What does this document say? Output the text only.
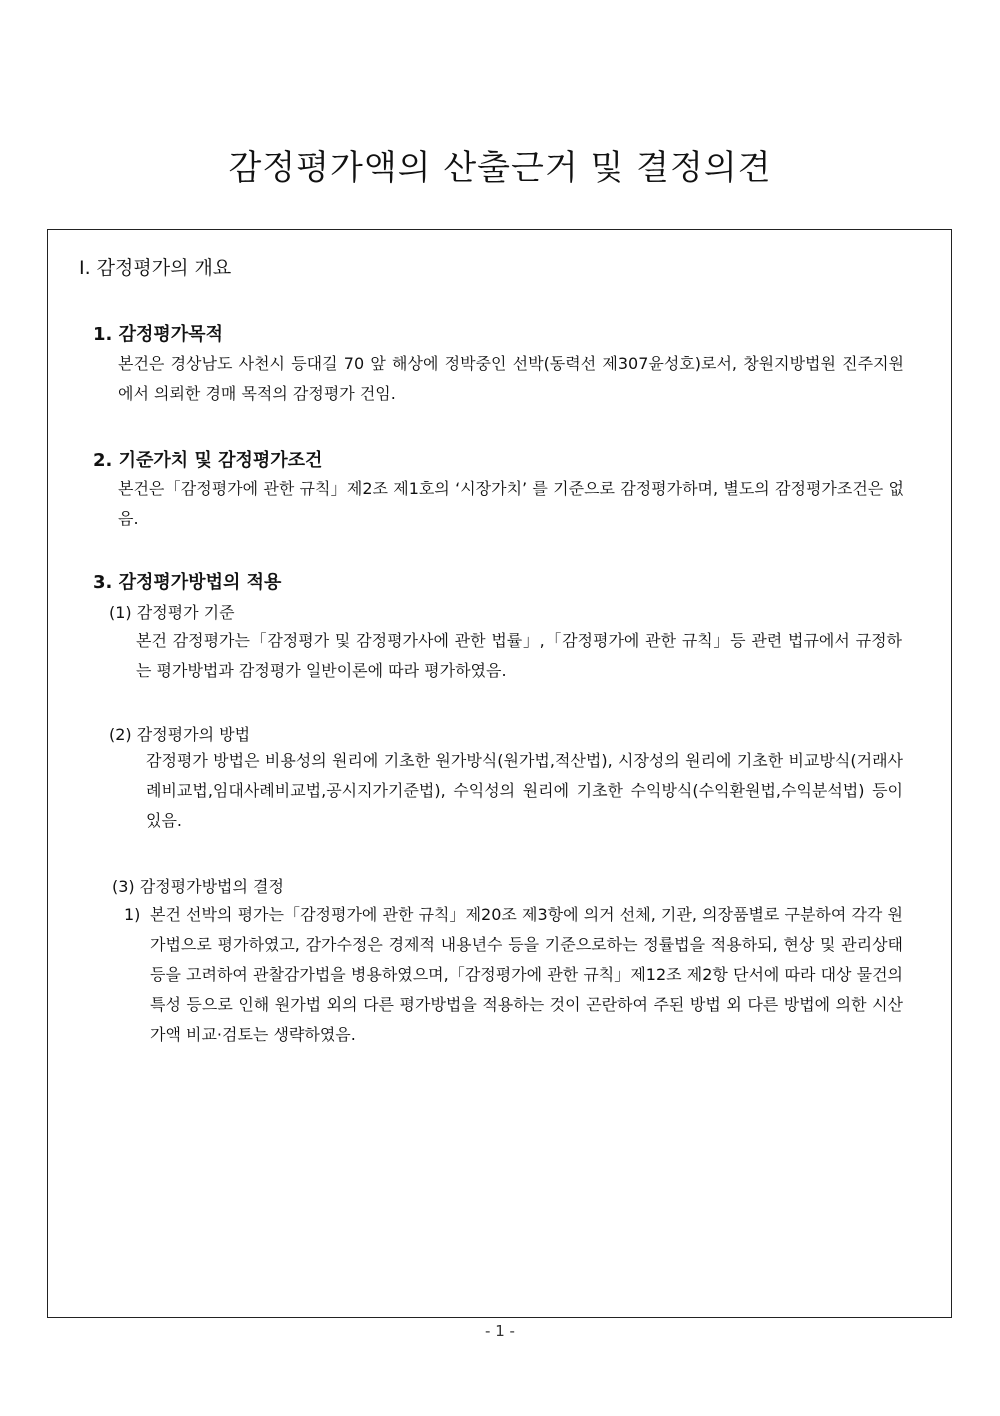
감정평가액의 산출근거 및 결정의견
Ⅰ. 감정평가의 개요
1. 감정평가목적

본건은 경상남도 사천시 등대길 70 앞 해상에 정박중인 선박(동력선 제307윤성호)로서, 창원지방법원 진주지원에서 의뢰한 경매 목적의 감정평가 건임.

2. 기준가치 및 감정평가조건

본건은「감정평가에 관한 규칙」제2조 제1호의 ‘시장가치’ 를 기준으로 감정평가하며, 별도의 감정평가조건은 없음.

3. 감정평가방법의 적용
(1) 감정평가 기준

본건 감정평가는「감정평가 및 감정평가사에 관한 법률」,「감정평가에 관한 규칙」등 관련 법규에서 규정하는 평가방법과 감정평가 일반이론에 따라 평가하였음.

(2) 감정평가의 방법

감정평가 방법은 비용성의 원리에 기초한 원가방식(원가법,적산법), 시장성의 원리에 기초한 비교방식(거래사례비교법,임대사례비교법,공시지가기준법), 수익성의 원리에 기초한 수익방식(수익환원법,수익분석법) 등이 있음.

(3) 감정평가방법의 결정
1) 본건 선박의 평가는「감정평가에 관한 규칙」제20조 제3항에 의거 선체, 기관, 의장품별로 구분하여 각각 원가법으로 평가하였고, 감가수정은 경제적 내용년수 등을 기준으로하는 정률법을 적용하되, 현상 및 관리상태 등을 고려하여 관찰감가법을 병용하였으며,「감정평가에 관한 규칙」제12조 제2항 단서에 따라 대상 물건의 특성 등으로 인해 원가법 외의 다른 평가방법을 적용하는 것이 곤란하여 주된 방법 외 다른 방법에 의한 시산가액 비교·검토는 생략하였음.

- 1 -
